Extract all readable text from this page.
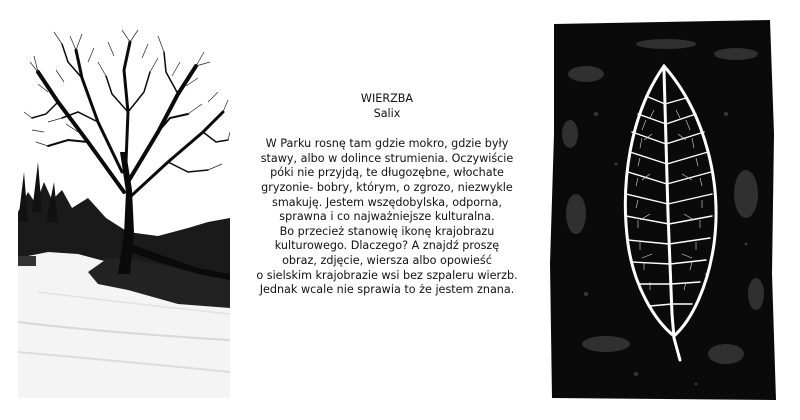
WIERZBA
Salix
W Parku rosnę tam gdzie mokro, gdzie były
stawy, albo w dolince strumienia. Oczywiście
póki nie przyjdą, te długozębne, włochate
gryzonie- bobry, którym, o zgrozo, niezwykle
smakuję. Jestem wszędobylska, odporna,
sprawna i co najważniejsze kulturalna.
Bo przecież stanowię ikonę krajobrazu
kulturowego. Dlaczego? A znajdź proszę
obraz, zdjęcie, wiersza albo opowieść
o sielskim krajobrazie wsi bez szpaleru wierzb.
Jednak wcale nie sprawia to że jestem znana.
